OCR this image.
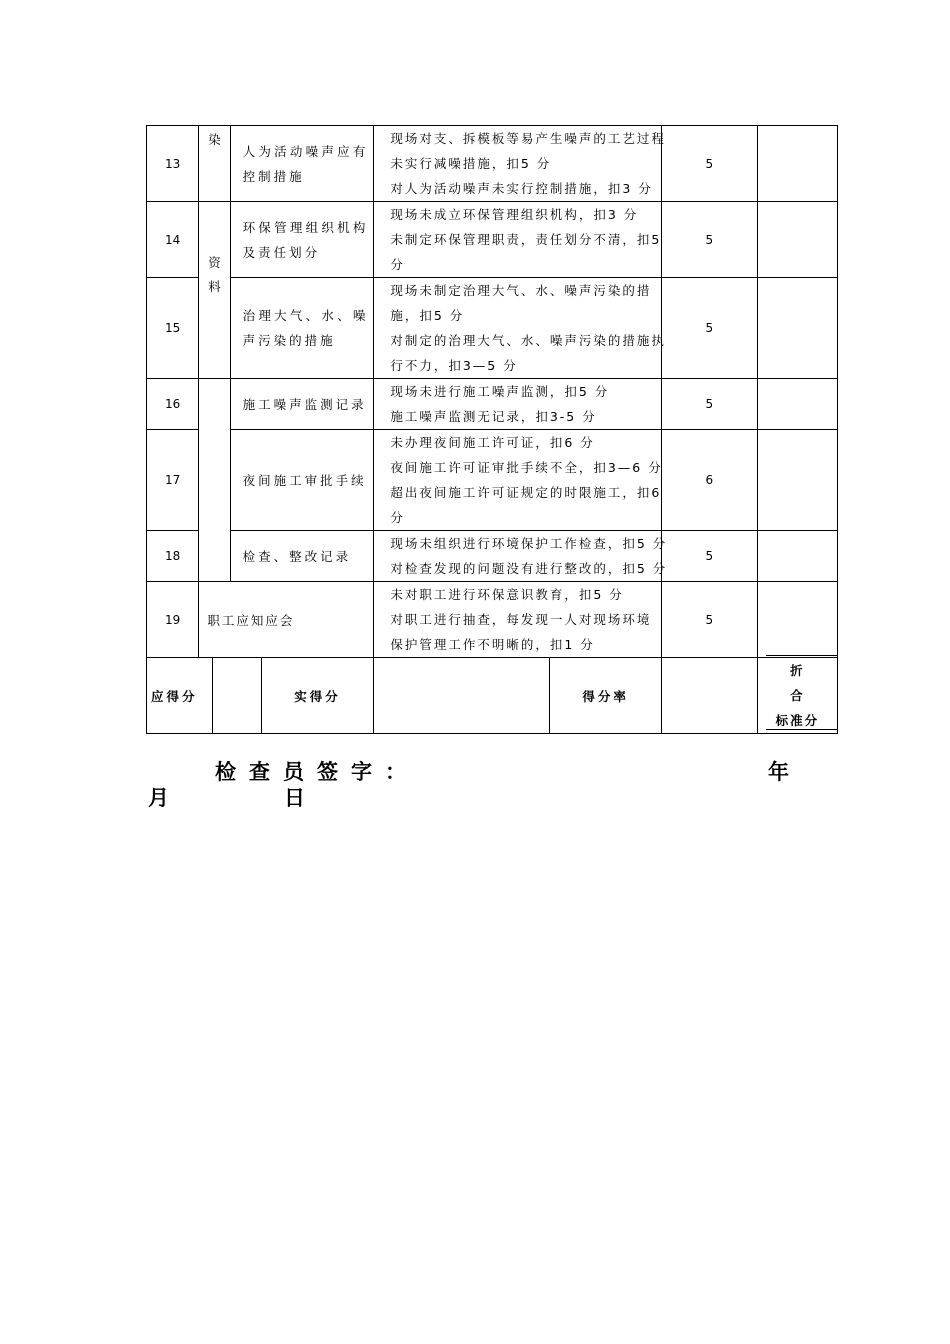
13	染		人为活动噪声应有控制措施		现场对支、拆模板等易产生噪声的工艺过程
未实行减噪措施，扣5 分
对人为活动噪声未实行控制措施，扣3 分		5	
14	资料		环保管理组织机构及责任划分		现场未成立环保管理组织机构，扣3 分
未制定环保管理职责，责任划分不清，扣5
分		5	
15			治理大气、水、噪声污染的措施		现场未制定治理大气、水、噪声污染的措
施，扣5 分
对制定的治理大气、水、噪声污染的措施执
行不力，扣3—5 分		5	
16			施工噪声监测记录		现场未进行施工噪声监测，扣5 分
施工噪声监测无记录，扣3-5 分		5	
17			夜间施工审批手续		未办理夜间施工许可证，扣6 分
夜间施工许可证审批手续不全，扣3—6 分
超出夜间施工许可证规定的时限施工，扣6
分		6	
18			检查、整改记录		现场未组织进行环境保护工作检查，扣5 分
对检查发现的问题没有进行整改的，扣5 分		5	
19	职工应知应会				未对职工进行环保意识教育，扣5 分
对职工进行抽查，每发现一人对现场环境
保护管理工作不明晰的，扣1 分		5	
应得分				实得分		得分率		折
合
标准分
检查员签字：	年
月	日
